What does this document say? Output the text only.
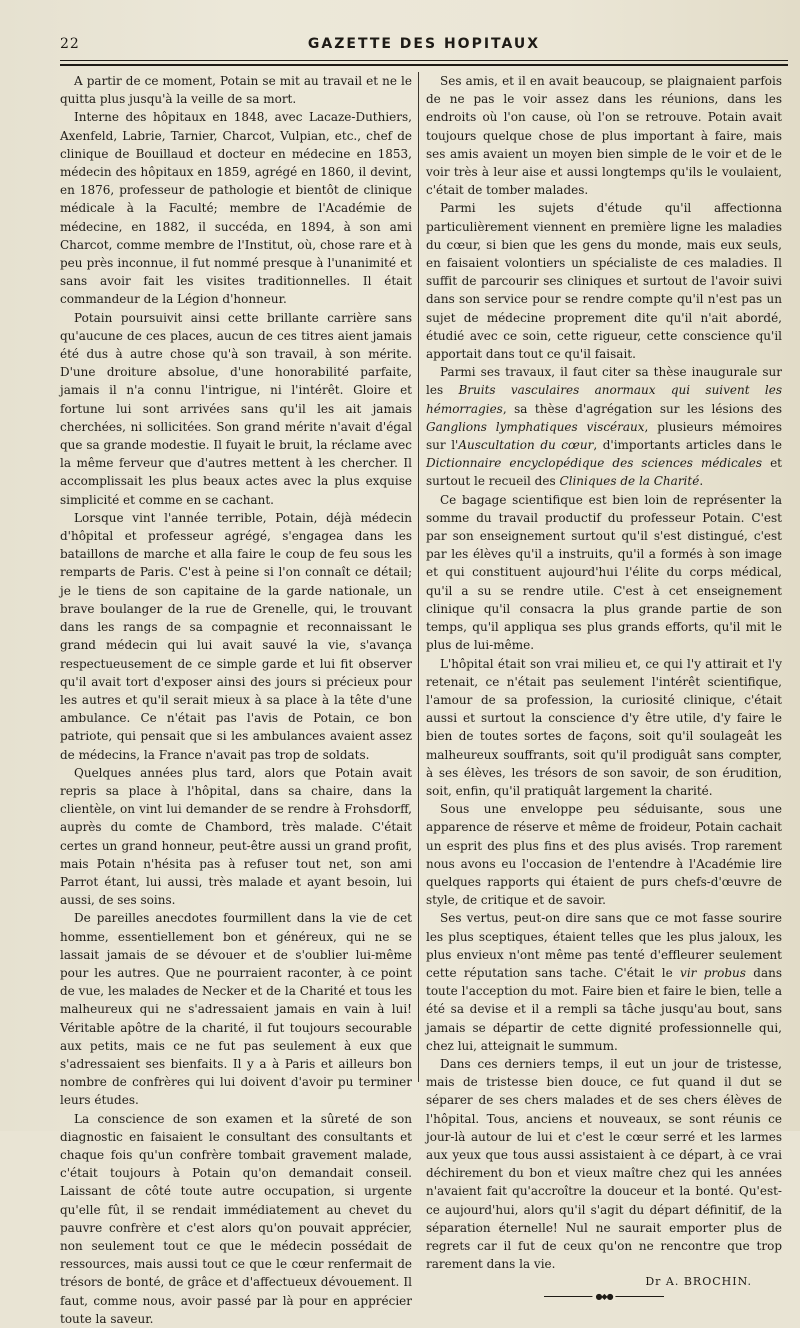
22	GAZETTE DES HOPITAUX

A partir de ce moment, Potain se mit au travail et ne le quitta plus jusqu'à la veille de sa mort.

Interne des hôpitaux en 1848, avec Lacaze-Duthiers, Axenfeld, Labrie, Tarnier, Charcot, Vulpian, etc., chef de clinique de Bouillaud et docteur en médecine en 1853, médecin des hôpitaux en 1859, agrégé en 1860, il devint, en 1876, professeur de pathologie et bientôt de clinique médicale à la Faculté; membre de l'Académie de médecine, en 1882, il succéda, en 1894, à son ami Charcot, comme membre de l'Institut, où, chose rare et à peu près inconnue, il fut nommé presque à l'unanimité et sans avoir fait les visites traditionnelles. Il était commandeur de la Légion d'honneur.

Potain poursuivit ainsi cette brillante carrière sans qu'aucune de ces places, aucun de ces titres aient jamais été dus à autre chose qu'à son travail, à son mérite. D'une droiture absolue, d'une honorabilité parfaite, jamais il n'a connu l'intrigue, ni l'intérêt. Gloire et fortune lui sont arrivées sans qu'il les ait jamais cherchées, ni sollicitées. Son grand mérite n'avait d'égal que sa grande modestie. Il fuyait le bruit, la réclame avec la même ferveur que d'autres mettent à les chercher. Il accomplissait les plus beaux actes avec la plus exquise simplicité et comme en se cachant.

Lorsque vint l'année terrible, Potain, déjà médecin d'hôpital et professeur agrégé, s'engagea dans les bataillons de marche et alla faire le coup de feu sous les remparts de Paris. C'est à peine si l'on connaît ce détail; je le tiens de son capitaine de la garde nationale, un brave boulanger de la rue de Grenelle, qui, le trouvant dans les rangs de sa compagnie et reconnaissant le grand médecin qui lui avait sauvé la vie, s'avança respectueusement de ce simple garde et lui fit observer qu'il avait tort d'exposer ainsi des jours si précieux pour les autres et qu'il serait mieux à sa place à la tête d'une ambulance. Ce n'était pas l'avis de Potain, ce bon patriote, qui pensait que si les ambulances avaient assez de médecins, la France n'avait pas trop de soldats.

Quelques années plus tard, alors que Potain avait repris sa place à l'hôpital, dans sa chaire, dans la clientèle, on vint lui demander de se rendre à Frohsdorff, auprès du comte de Chambord, très malade. C'était certes un grand honneur, peut-être aussi un grand profit, mais Potain n'hésita pas à refuser tout net, son ami Parrot étant, lui aussi, très malade et ayant besoin, lui aussi, de ses soins.

De pareilles anecdotes fourmillent dans la vie de cet homme, essentiellement bon et généreux, qui ne se lassait jamais de se dévouer et de s'oublier lui-même pour les autres. Que ne pourraient raconter, à ce point de vue, les malades de Necker et de la Charité et tous les malheureux qui ne s'adressaient jamais en vain à lui! Véritable apôtre de la charité, il fut toujours secourable aux petits, mais ce ne fut pas seulement à eux que s'adressaient ses bienfaits. Il y a à Paris et ailleurs bon nombre de confrères qui lui doivent d'avoir pu terminer leurs études.

La conscience de son examen et la sûreté de son diagnostic en faisaient le consultant des consultants et chaque fois qu'un confrère tombait gravement malade, c'était toujours à Potain qu'on demandait conseil. Laissant de côté toute autre occupation, si urgente qu'elle fût, il se rendait immédiatement au chevet du pauvre confrère et c'est alors qu'on pouvait apprécier, non seulement tout ce que le médecin possédait de ressources, mais aussi tout ce que le cœur renfermait de trésors de bonté, de grâce et d'affectueux dévouement. Il faut, comme nous, avoir passé par là pour en apprécier toute la saveur.

Ses amis, et il en avait beaucoup, se plaignaient parfois de ne pas le voir assez dans les réunions, dans les endroits où l'on cause, où l'on se retrouve. Potain avait toujours quelque chose de plus important à faire, mais ses amis avaient un moyen bien simple de le voir et de le voir très à leur aise et aussi longtemps qu'ils le voulaient, c'était de tomber malades.

Parmi les sujets d'étude qu'il affectionna particulièrement viennent en première ligne les maladies du cœur, si bien que les gens du monde, mais eux seuls, en faisaient volontiers un spécialiste de ces maladies. Il suffit de parcourir ses cliniques et surtout de l'avoir suivi dans son service pour se rendre compte qu'il n'est pas un sujet de médecine proprement dite qu'il n'ait abordé, étudié avec ce soin, cette rigueur, cette conscience qu'il apportait dans tout ce qu'il faisait.

Parmi ses travaux, il faut citer sa thèse inaugurale sur les Bruits vasculaires anormaux qui suivent les hémorragies, sa thèse d'agrégation sur les lésions des Ganglions lymphatiques viscéraux, plusieurs mémoires sur l'Auscultation du cœur, d'importants articles dans le Dictionnaire encyclopédique des sciences médicales et surtout le recueil des Cliniques de la Charité.

Ce bagage scientifique est bien loin de représenter la somme du travail productif du professeur Potain. C'est par son enseignement surtout qu'il s'est distingué, c'est par les élèves qu'il a instruits, qu'il a formés à son image et qui constituent aujourd'hui l'élite du corps médical, qu'il a su se rendre utile. C'est à cet enseignement clinique qu'il consacra la plus grande partie de son temps, qu'il appliqua ses plus grands efforts, qu'il mit le plus de lui-même.

L'hôpital était son vrai milieu et, ce qui l'y attirait et l'y retenait, ce n'était pas seulement l'intérêt scientifique, l'amour de sa profession, la curiosité clinique, c'était aussi et surtout la conscience d'y être utile, d'y faire le bien de toutes sortes de façons, soit qu'il soulageât les malheureux souffrants, soit qu'il prodiguât sans compter, à ses élèves, les trésors de son savoir, de son érudition, soit, enfin, qu'il pratiquât largement la charité.

Sous une enveloppe peu séduisante, sous une apparence de réserve et même de froideur, Potain cachait un esprit des plus fins et des plus avisés. Trop rarement nous avons eu l'occasion de l'entendre à l'Académie lire quelques rapports qui étaient de purs chefs-d'œuvre de style, de critique et de savoir.

Ses vertus, peut-on dire sans que ce mot fasse sourire les plus sceptiques, étaient telles que les plus jaloux, les plus envieux n'ont même pas tenté d'effleurer seulement cette réputation sans tache. C'était le vir probus dans toute l'acception du mot. Faire bien et faire le bien, telle a été sa devise et il a rempli sa tâche jusqu'au bout, sans jamais se départir de cette dignité professionnelle qui, chez lui, atteignait le summum.

Dans ces derniers temps, il eut un jour de tristesse, mais de tristesse bien douce, ce fut quand il dut se séparer de ses chers malades et de ses chers élèves de l'hôpital. Tous, anciens et nouveaux, se sont réunis ce jour-là autour de lui et c'est le cœur serré et les larmes aux yeux que tous aussi assistaient à ce départ, à ce vrai déchirement du bon et vieux maître chez qui les années n'avaient fait qu'accroître la douceur et la bonté. Qu'est-ce aujourd'hui, alors qu'il s'agit du départ définitif, de la séparation éternelle! Nul ne saurait emporter plus de regrets car il fut de ceux qu'on ne rencontre que trop rarement dans la vie.

Dr A. BROCHIN.

●◆●
